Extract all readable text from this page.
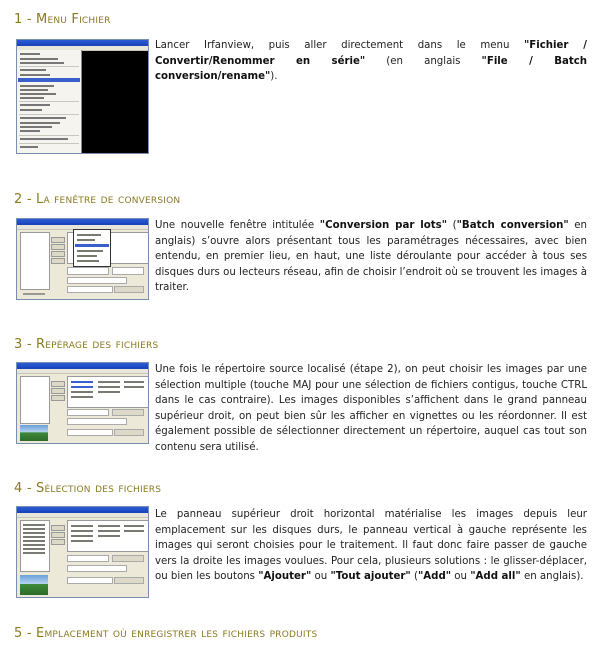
1 - Menu Fichier

Lancer Irfanview, puis aller directement dans le menu "Fichier / Convertir/Renommer en série" (en anglais "File / Batch conversion/rename").

2 - La fenêtre de conversion

Une nouvelle fenêtre intitulée "Conversion par lots" ("Batch conversion" en anglais) s’ouvre alors présentant tous les paramétrages nécessaires, avec bien entendu, en premier lieu, en haut, une liste déroulante pour accéder à tous ses disques durs ou lecteurs réseau, afin de choisir l’endroit où se trouvent les images à traiter.

3 - Repérage des fichiers

Une fois le répertoire source localisé (étape 2), on peut choisir les images par une sélection multiple (touche MAJ pour une sélection de fichiers contigus, touche CTRL dans le cas contraire). Les images disponibles s’affichent dans le grand panneau supérieur droit, on peut bien sûr les afficher en vignettes ou les réordonner. Il est également possible de sélectionner directement un répertoire, auquel cas tout son contenu sera utilisé.

4 - Sélection des fichiers

Le panneau supérieur droit horizontal matérialise les images depuis leur emplacement sur les disques durs, le panneau vertical à gauche représente les images qui seront choisies pour le traitement. Il faut donc faire passer de gauche vers la droite les images voulues. Pour cela, plusieurs solutions : le glisser-déplacer, ou bien les boutons "Ajouter" ou "Tout ajouter" ("Add" ou "Add all" en anglais).

5 - Emplacement où enregistrer les fichiers produits
